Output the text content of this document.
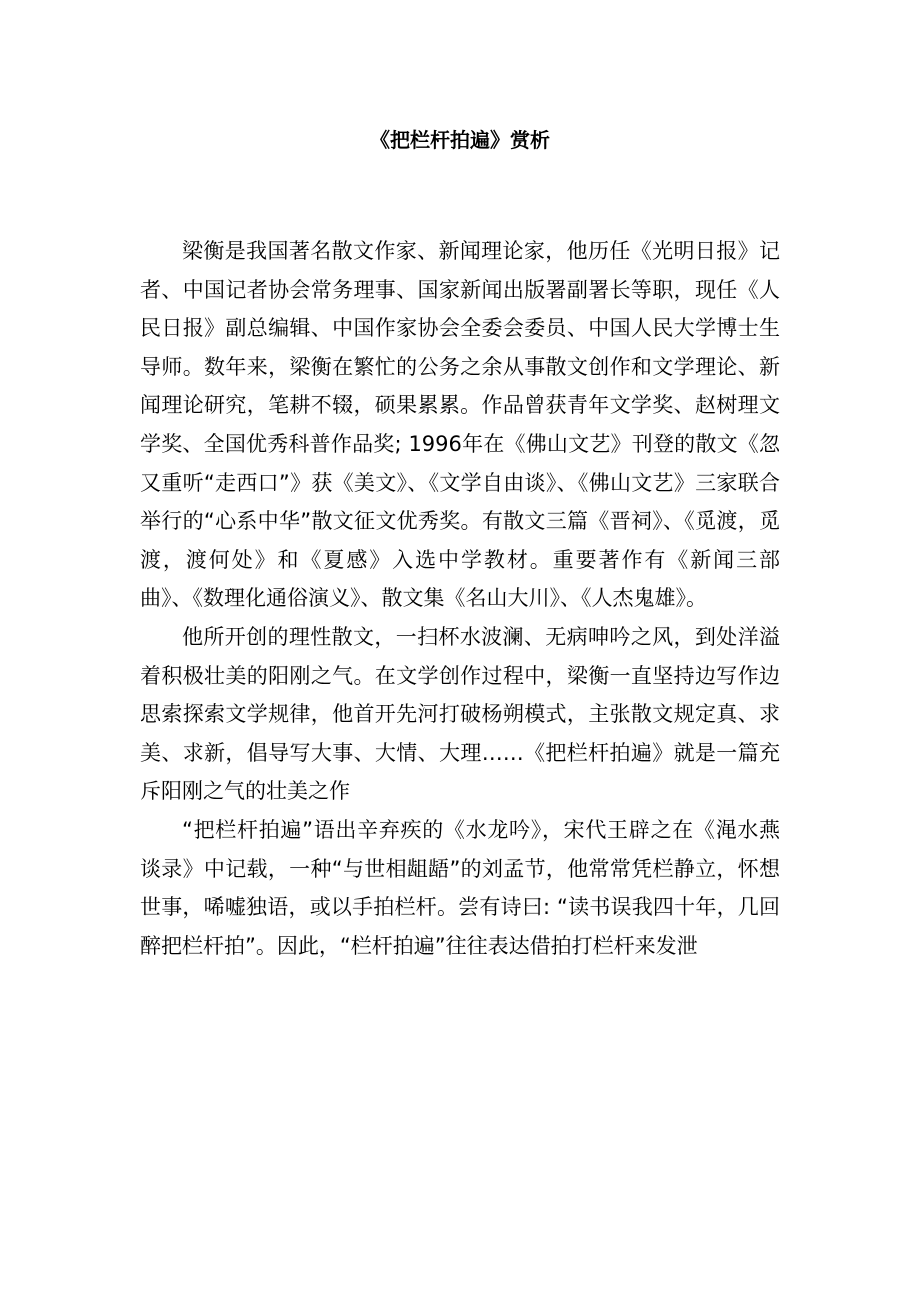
《把栏杆拍遍》赏析

梁衡是我国著名散文作家、新闻理论家，他历任《光明日报》记者、中国记者协会常务理事、国家新闻出版署副署长等职，现任《人民日报》副总编辑、中国作家协会全委会委员、中国人民大学博士生导师。数年来，梁衡在繁忙的公务之余从事散文创作和文学理论、新闻理论研究，笔耕不辍，硕果累累。作品曾获青年文学奖、赵树理文学奖、全国优秀科普作品奖; 1996年在《佛山文艺》刊登的散文《忽又重听“走西口”》获《美文》、《文学自由谈》、《佛山文艺》三家联合举行的“心系中华”散文征文优秀奖。有散文三篇《晋祠》、《觅渡，觅渡，渡何处》和《夏感》入选中学教材。重要著作有《新闻三部曲》、《数理化通俗演义》、散文集《名山大川》、《人杰鬼雄》。

他所开创的理性散文，一扫杯水波澜、无病呻吟之风，到处洋溢着积极壮美的阳刚之气。在文学创作过程中，梁衡一直坚持边写作边思索探索文学规律，他首开先河打破杨朔模式，主张散文规定真、求美、求新，倡导写大事、大情、大理……《把栏杆拍遍》就是一篇充斥阳刚之气的壮美之作

“把栏杆拍遍”语出辛弃疾的《水龙吟》，宋代王辟之在《渑水燕谈录》中记载，一种“与世相龃龉”的刘孟节，他常常凭栏静立，怀想世事，唏嘘独语，或以手拍栏杆。尝有诗曰: “读书误我四十年，几回醉把栏杆拍”。因此，“栏杆拍遍”往往表达借拍打栏杆来发泄
